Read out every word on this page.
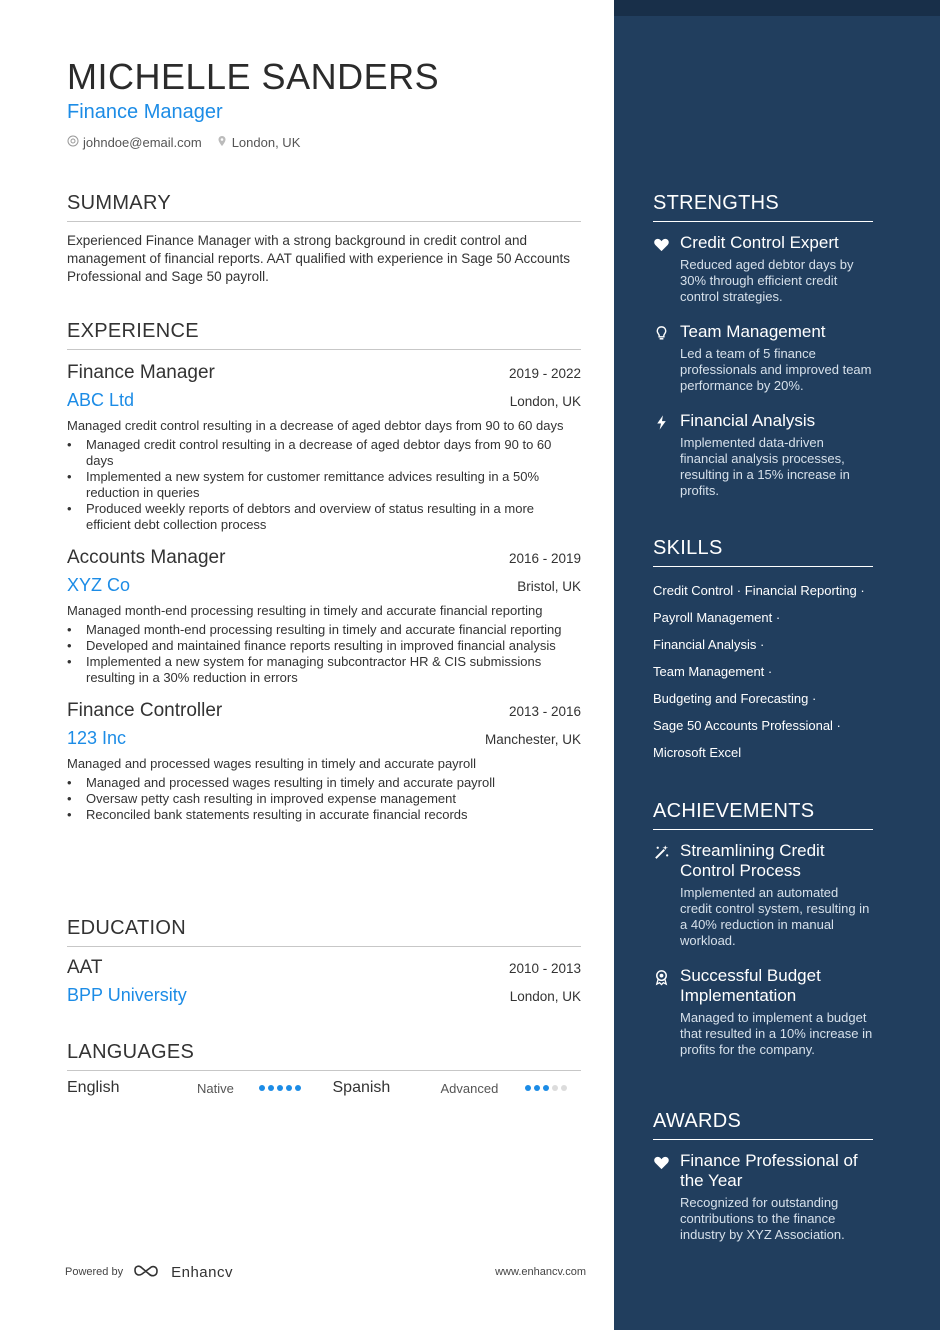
MICHELLE SANDERS
Finance Manager
johndoe@email.com London, UK
SUMMARY

Experienced Finance Manager with a strong background in credit control and management of financial reports. AAT qualified with experience in Sage 50 Accounts Professional and Sage 50 payroll.

EXPERIENCE
Finance Manager	2019 - 2022
ABC Ltd	London, UK
Managed credit control resulting in a decrease of aged debtor days from 90 to 60 days
• Managed credit control resulting in a decrease of aged debtor days from 90 to 60 days
• Implemented a new system for customer remittance advices resulting in a 50% reduction in queries
• Produced weekly reports of debtors and overview of status resulting in a more efficient debt collection process
Accounts Manager	2016 - 2019
XYZ Co	Bristol, UK
Managed month-end processing resulting in timely and accurate financial reporting
• Managed month-end processing resulting in timely and accurate financial reporting
• Developed and maintained finance reports resulting in improved financial analysis
• Implemented a new system for managing subcontractor HR & CIS submissions resulting in a 30% reduction in errors
Finance Controller	2013 - 2016
123 Inc	Manchester, UK
Managed and processed wages resulting in timely and accurate payroll
• Managed and processed wages resulting in timely and accurate payroll
• Oversaw petty cash resulting in improved expense management
• Reconciled bank statements resulting in accurate financial records
EDUCATION
AAT	2010 - 2013
BPP University	London, UK
LANGUAGES
English	Native	Spanish	Advanced
Powered by	Enhancv	www.enhancv.com
STRENGTHS
Credit Control Expert
Reduced aged debtor days by 30% through efficient credit control strategies.
Team Management
Led a team of 5 finance professionals and improved team performance by 20%.
Financial Analysis
Implemented data-driven financial analysis processes, resulting in a 15% increase in profits.
SKILLS
Credit Control · Financial Reporting ·
Payroll Management ·
Financial Analysis ·
Team Management ·
Budgeting and Forecasting ·
Sage 50 Accounts Professional ·
Microsoft Excel
ACHIEVEMENTS
Streamlining Credit Control Process
Implemented an automated credit control system, resulting in a 40% reduction in manual workload.
Successful Budget Implementation
Managed to implement a budget that resulted in a 10% increase in profits for the company.
AWARDS
Finance Professional of the Year
Recognized for outstanding contributions to the finance industry by XYZ Association.
